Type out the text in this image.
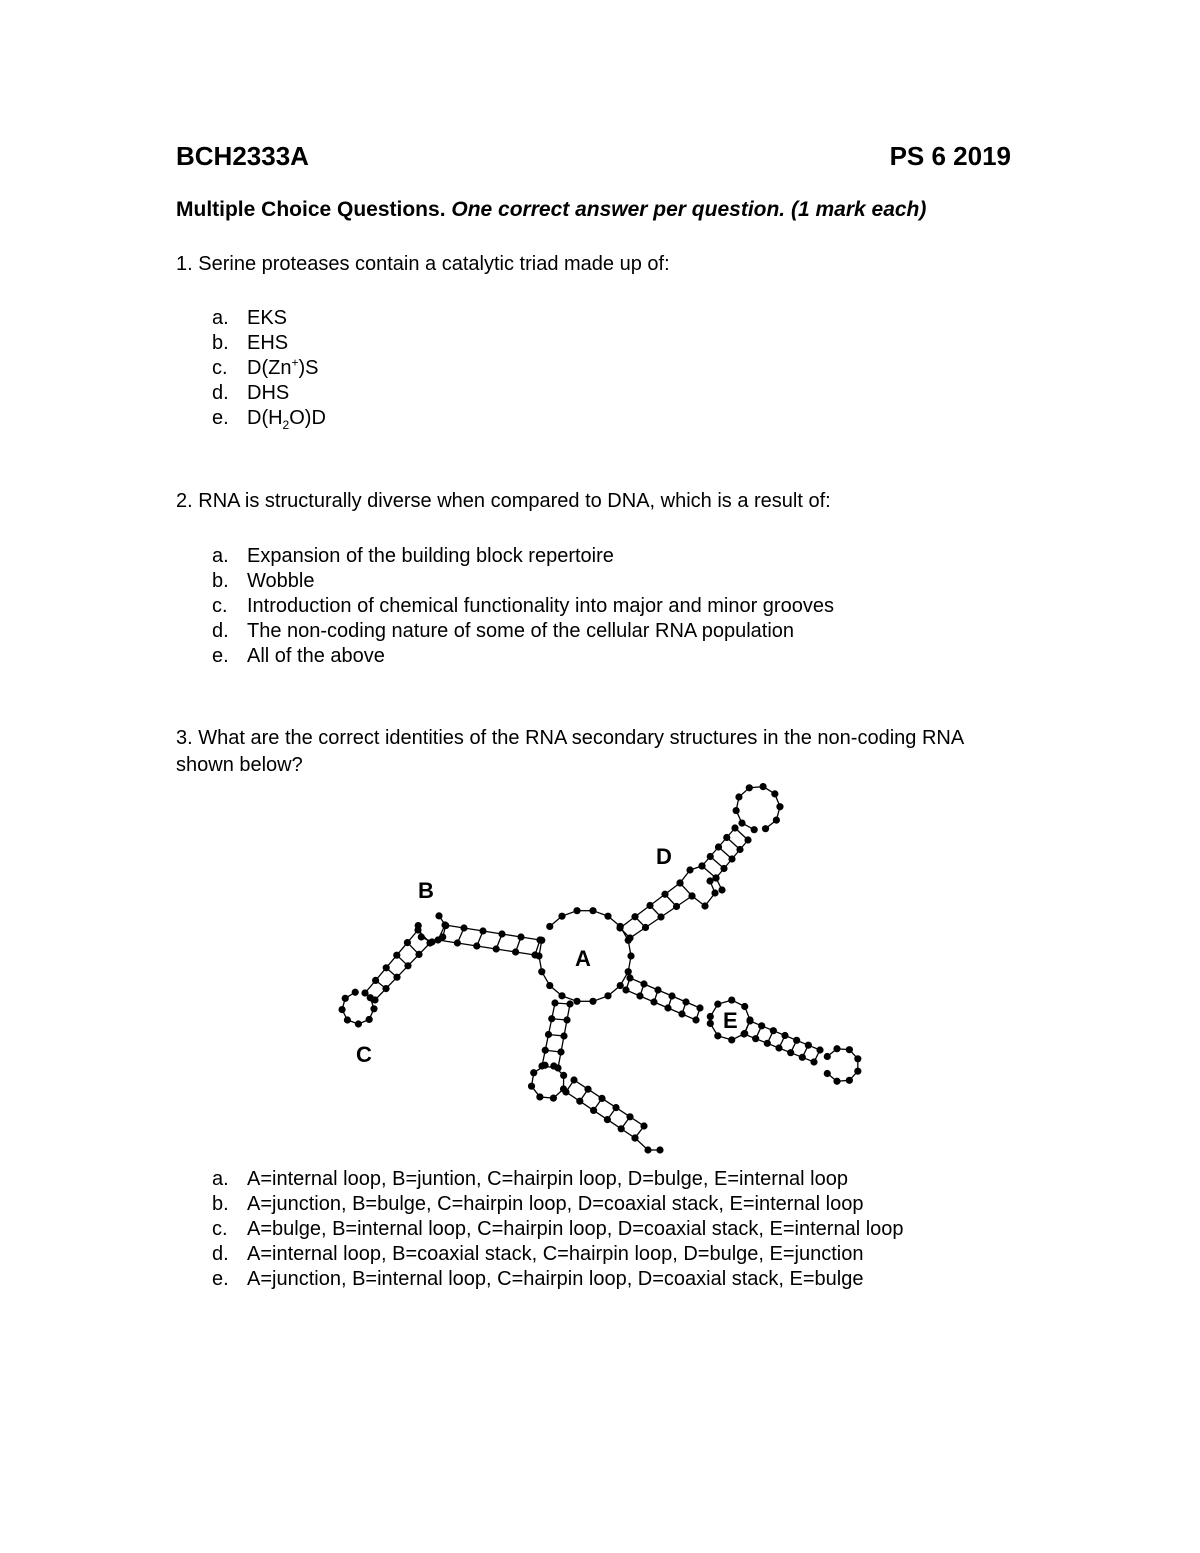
BCH2333A	PS 6 2019
Multiple Choice Questions. One correct answer per question. (1 mark each)
1. Serine proteases contain a catalytic triad made up of:
a. EKS
b. EHS
c. D(Zn+)S
d. DHS
e. $D(H_2O)D$
2. RNA is structurally diverse when compared to DNA, which is a result of:
a. Expansion of the building block repertoire
b. Wobble
c. Introduction of chemical functionality into major and minor grooves
d. The non-coding nature of some of the cellular RNA population
e. All of the above
3. What are the correct identities of the RNA secondary structures in the non-coding RNA shown below?
B
C
A
D
E
a. A=internal loop, B=juntion, C=hairpin loop, D=bulge, E=internal loop
b. A=junction, B=bulge, C=hairpin loop, D=coaxial stack, E=internal loop
c. A=bulge, B=internal loop, C=hairpin loop, D=coaxial stack, E=internal loop
d. A=internal loop, B=coaxial stack, C=hairpin loop, D=bulge, E=junction
e. A=junction, B=internal loop, C=hairpin loop, D=coaxial stack, E=bulge
